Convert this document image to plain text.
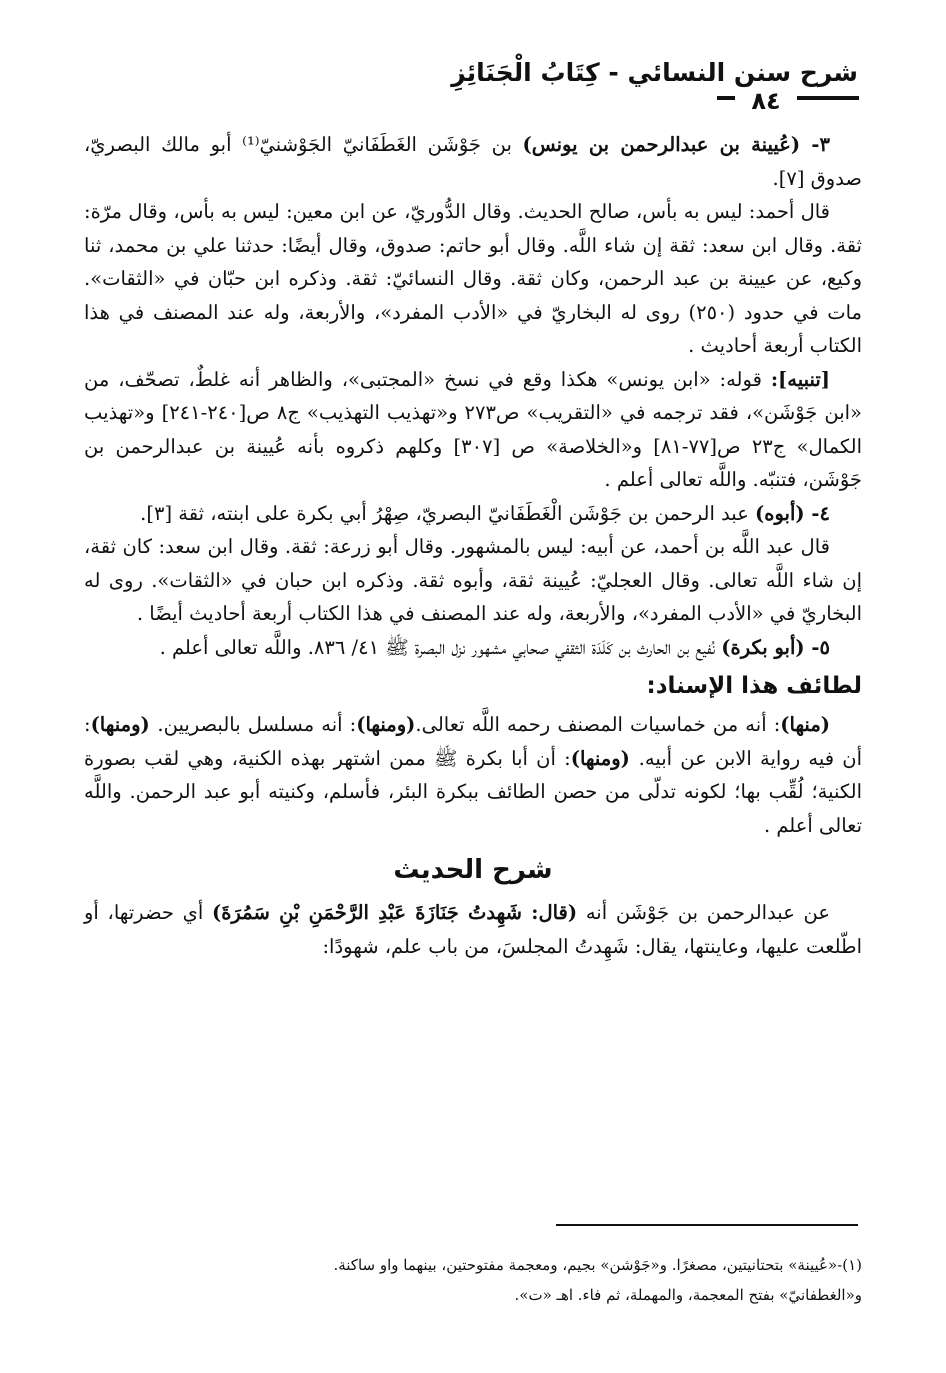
شرح سنن النسائي - كِتَابُ الْجَنَائِزِ
٨٤

٣- (عُيينة بن عبدالرحمن بن يونس) بن جَوْشَن الغَطَفَانيّ الجَوْشنيّ⁽¹⁾ أبو مالك البصريّ، صدوق [٧].

قال أحمد: ليس به بأس، صالح الحديث. وقال الدُّوريّ، عن ابن معين: ليس به بأس، وقال مرّة: ثقة. وقال ابن سعد: ثقة إن شاء اللَّه. وقال أبو حاتم: صدوق، وقال أيضًا: حدثنا علي بن محمد، ثنا وكيع، عن عيينة بن عبد الرحمن، وكان ثقة. وقال النسائيّ: ثقة. وذكره ابن حبّان في «الثقات». مات في حدود (٢٥٠) روى له البخاريّ في «الأدب المفرد»، والأربعة، وله عند المصنف في هذا الكتاب أربعة أحاديث .

[تنبيه]: قوله: «ابن يونس» هكذا وقع في نسخ «المجتبى»، والظاهر أنه غلطٌ، تصحّف، من «ابن جَوْشَن»، فقد ترجمه في «التقريب» ص٢٧٣ و«تهذيب التهذيب» ج٨ ص[٢٤٠-٢٤١] و«تهذيب الكمال» ج٢٣ ص[٧٧-٨١] و«الخلاصة» ص [٣٠٧] وكلهم ذكروه بأنه عُيينة بن عبدالرحمن بن جَوْشَن، فتنبّه. واللَّه تعالى أعلم .

٤- (أبوه) عبد الرحمن بن جَوْشَن الْغَطَفَانيّ البصريّ، صِهْرُ أبي بكرة على ابنته، ثقة [٣].

قال عبد اللَّه بن أحمد، عن أبيه: ليس بالمشهور. وقال أبو زرعة: ثقة. وقال ابن سعد: كان ثقة، إن شاء اللَّه تعالى. وقال العجليّ: عُيينة ثقة، وأبوه ثقة. وذكره ابن حبان في «الثقات». روى له البخاريّ في «الأدب المفرد»، والأربعة، وله عند المصنف في هذا الكتاب أربعة أحاديث أيضًا .

٥- (أبو بكرة) نُفيع بن الحارث بن كَلَدَة الثقفي صحابي مشهور نزل البصرة ﷺ ٤١/ ٨٣٦. واللَّه تعالى أعلم .

لطائف هذا الإسناد:

(منها): أنه من خماسيات المصنف رحمه اللَّه تعالى.(ومنها): أنه مسلسل بالبصريين. (ومنها): أن فيه رواية الابن عن أبيه. (ومنها): أن أبا بكرة ﷺ ممن اشتهر بهذه الكنية، وهي لقب بصورة الكنية؛ لُقِّب بها؛ لكونه تدلّى من حصن الطائف ببكرة البئر، فأسلم، وكنيته أبو عبد الرحمن. واللَّه تعالى أعلم .

شرح الحديث

عن عبدالرحمن بن جَوْشَن أنه (قال: شَهِدتُ جَنَازَةَ عَبْدِ الرَّحْمَنِ بْنِ سَمُرَةَ) أي حضرتها، أو اطّلعت عليها، وعاينتها، يقال: شَهِدتُ المجلسَ، من باب علم، شهودًا:

(١)-«عُيينة» بتحتانيتين، مصغرًا. و«جَوْشن» بجيم، ومعجمة مفتوحتين، بينهما واو ساكنة.

و«الغطفانيّ» بفتح المعجمة، والمهملة، ثم فاء. اهـ «ت».
